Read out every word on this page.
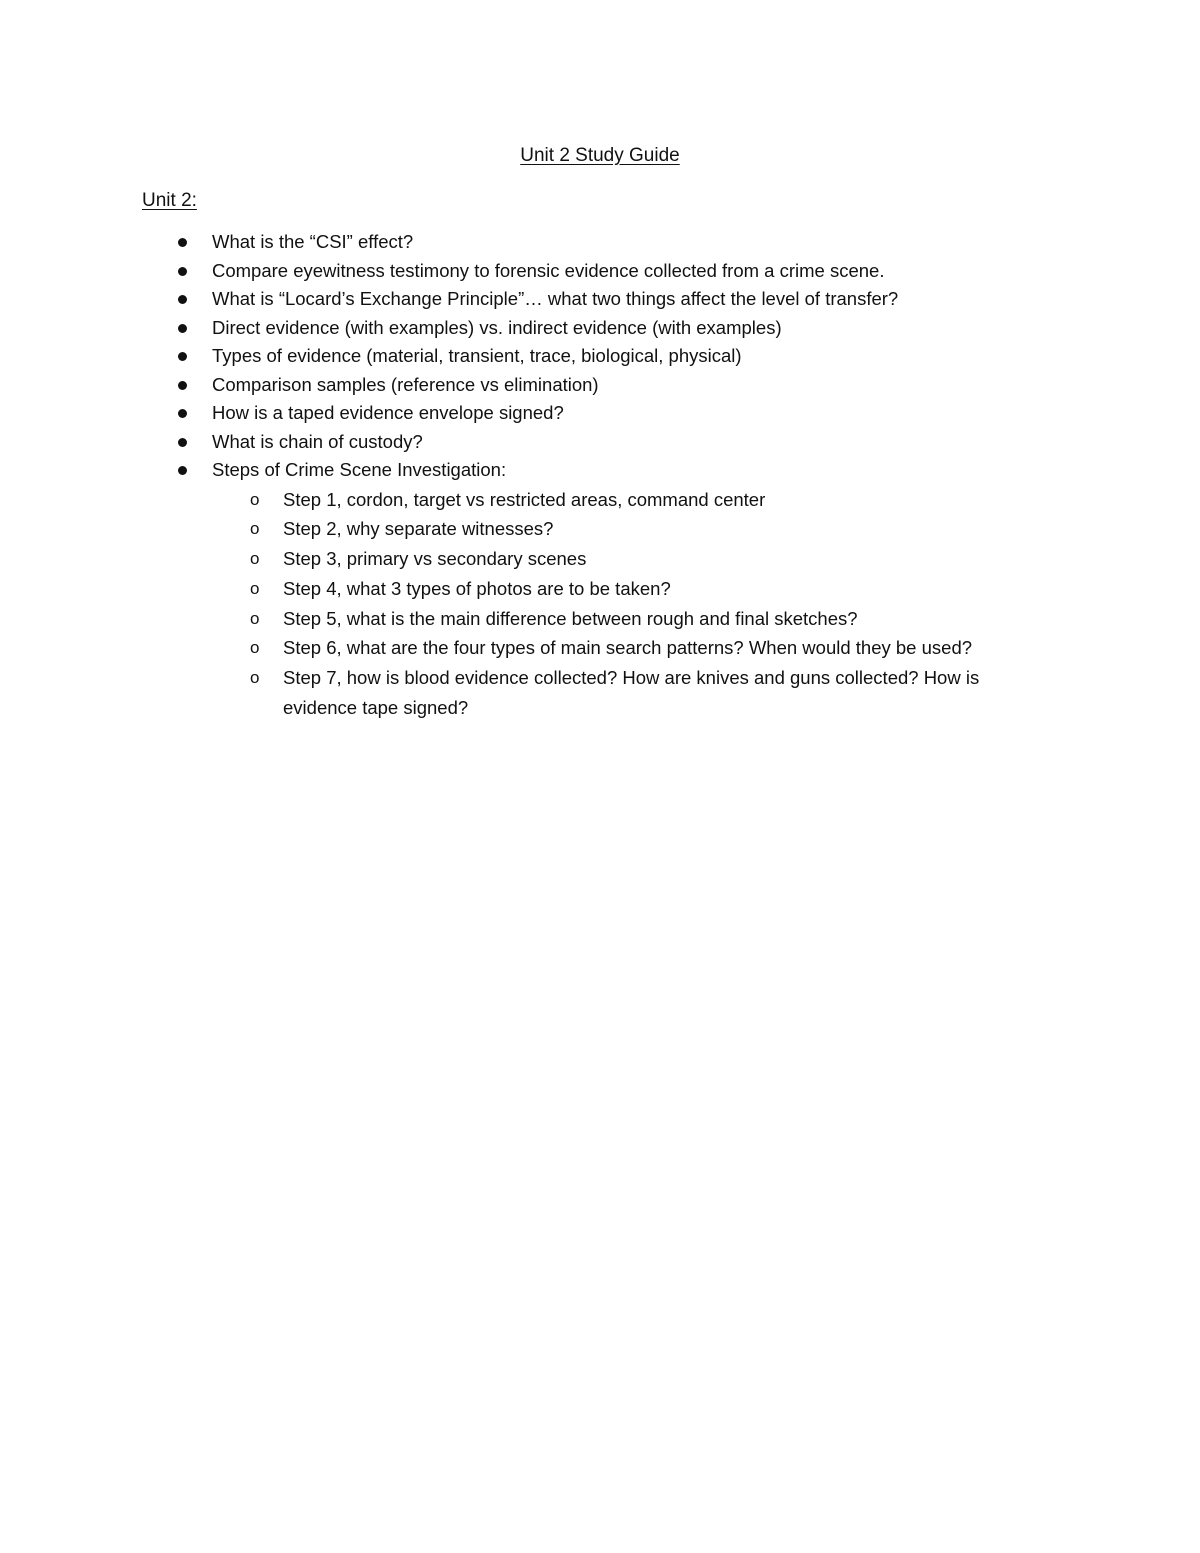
Unit 2 Study Guide
Unit 2:
What is the “CSI” effect?
Compare eyewitness testimony to forensic evidence collected from a crime scene.
What is “Locard’s Exchange Principle”… what two things affect the level of transfer?
Direct evidence (with examples) vs. indirect evidence (with examples)
Types of evidence (material, transient, trace, biological, physical)
Comparison samples (reference vs elimination)
How is a taped evidence envelope signed?
What is chain of custody?
Steps of Crime Scene Investigation:
o Step 1, cordon, target vs restricted areas, command center
o Step 2, why separate witnesses?
o Step 3, primary vs secondary scenes
o Step 4, what 3 types of photos are to be taken?
o Step 5, what is the main difference between rough and final sketches?
o Step 6, what are the four types of main search patterns? When would they be used?
o Step 7, how is blood evidence collected? How are knives and guns collected? How is evidence tape signed?
